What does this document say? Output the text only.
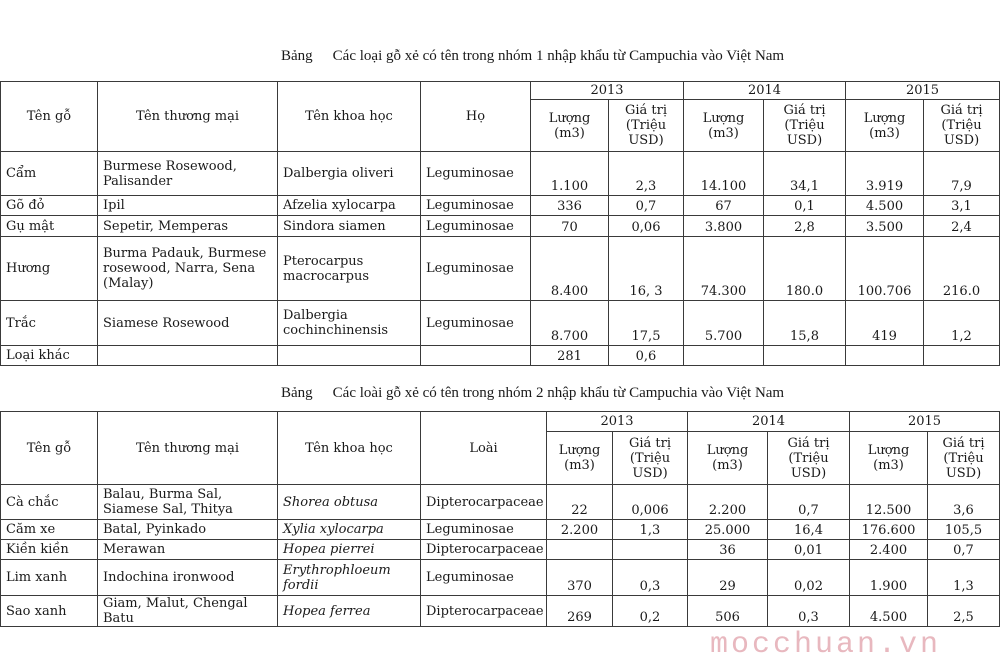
Bảng Các loại gỗ xẻ có tên trong nhóm 1 nhập khẩu từ Campuchia vào Việt Nam
Tên gỗ	Tên thương mại	Tên khoa học	Họ	2013		2014		2015	
				Lượng (m3)	Giá trị (Triệu USD)	Lượng (m3)	Giá trị (Triệu USD)	Lượng (m3)	Giá trị (Triệu USD)
Cẩm	Burmese Rosewood, Palisander	Dalbergia oliveri	Leguminosae	1.100	2,3	14.100	34,1	3.919	7,9
Gõ đỏ	Ipil	Afzelia xylocarpa	Leguminosae	336	0,7	67	0,1	4.500	3,1
Gụ mật	Sepetir, Memperas	Sindora siamen	Leguminosae	70	0,06	3.800	2,8	3.500	2,4
Hương	Burma Padauk, Burmese rosewood, Narra, Sena (Malay)	Pterocarpus macrocarpus	Leguminosae	8.400	16, 3	74.300	180.0	100.706	216.0
Trắc	Siamese Rosewood	Dalbergia cochinchinensis	Leguminosae	8.700	17,5	5.700	15,8	419	1,2
Loại khác				281	0,6				
Bảng Các loài gỗ xẻ có tên trong nhóm 2 nhập khẩu từ Campuchia vào Việt Nam
Tên gỗ	Tên thương mại	Tên khoa học	Loài	2013		2014		2015	
				Lượng (m3)	Giá trị (Triệu USD)	Lượng (m3)	Giá trị (Triệu USD)	Lượng (m3)	Giá trị (Triệu USD)
Cà chắc	Balau, Burma Sal, Siamese Sal, Thitya	Shorea obtusa	Dipterocarpaceae	22	0,006	2.200	0,7	12.500	3,6
Căm xe	Batal, Pyinkado	Xylia xylocarpa	Leguminosae	2.200	1,3	25.000	16,4	176.600	105,5
Kiền kiền	Merawan	Hopea pierrei	Dipterocarpaceae			36	0,01	2.400	0,7
Lim xanh	Indochina ironwood	Erythrophloeum fordii	Leguminosae	370	0,3	29	0,02	1.900	1,3
Sao xanh	Giam, Malut, Chengal Batu	Hopea ferrea	Dipterocarpaceae	269	0,2	506	0,3	4.500	2,5
mocchuan.vn
